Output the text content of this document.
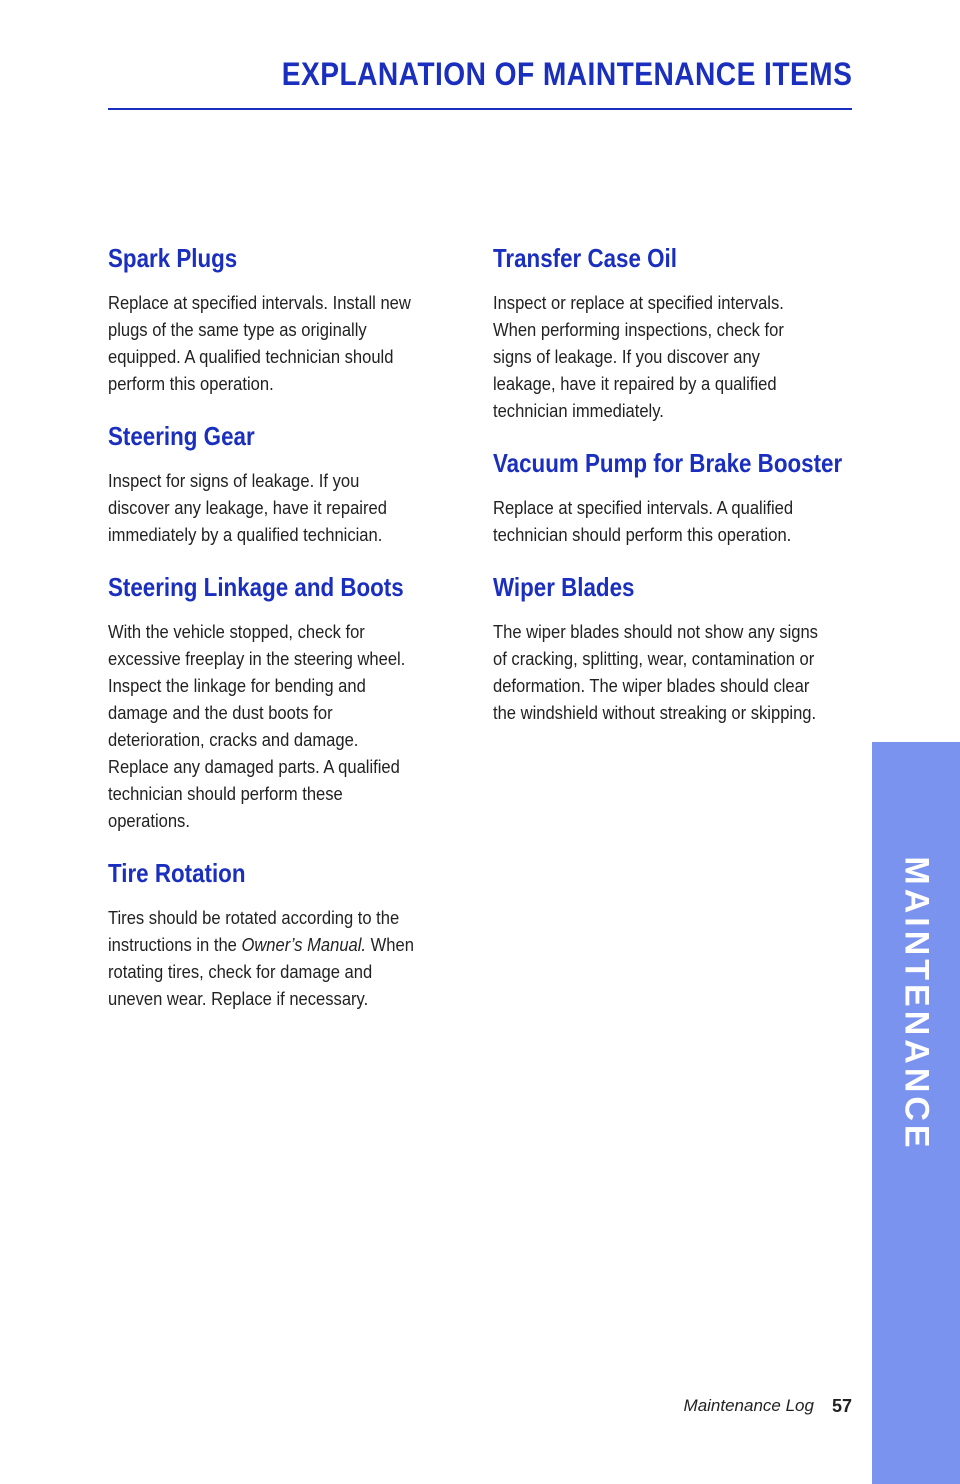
EXPLANATION OF MAINTENANCE ITEMS
Spark Plugs

Replace at specified intervals. Install new plugs of the same type as originally equipped. A qualified technician should perform this operation.

Steering Gear

Inspect for signs of leakage. If you discover any leakage, have it repaired immediately by a qualified technician.

Steering Linkage and Boots

With the vehicle stopped, check for excessive freeplay in the steering wheel. Inspect the linkage for bending and damage and the dust boots for deterioration, cracks and damage. Replace any damaged parts. A qualified technician should perform these operations.

Tire Rotation

Tires should be rotated according to the instructions in the Owner’s Manual. When rotating tires, check for damage and uneven wear. Replace if necessary.

Transfer Case Oil

Inspect or replace at specified intervals. When performing inspections, check for signs of leakage. If you discover any leakage, have it repaired by a qualified technician immediately.

Vacuum Pump for Brake Booster

Replace at specified intervals. A qualified technician should perform this operation.

Wiper Blades

The wiper blades should not show any signs of cracking, splitting, wear, contamination or deformation. The wiper blades should clear the windshield without streaking or skipping.

MAINTENANCE
Maintenance Log 57
